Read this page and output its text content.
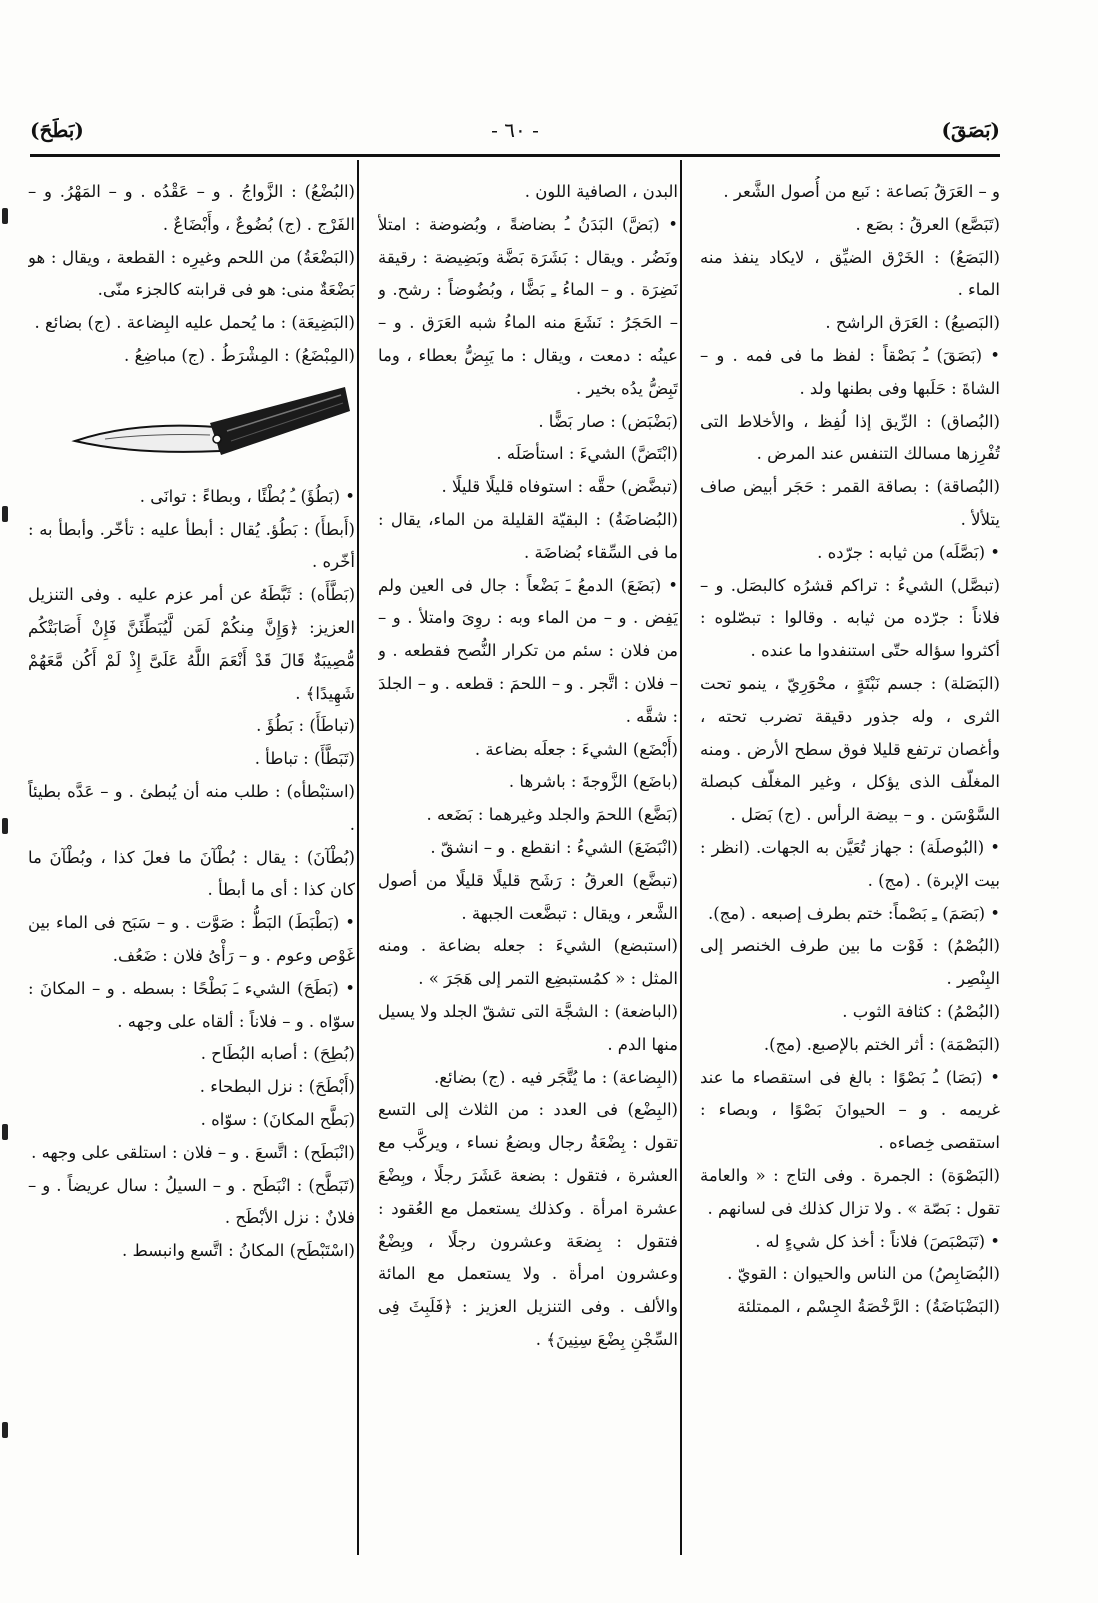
- ٦٠ -	(بَصَقَ)
(بَطَحَ)

و – العَرَقُ بَصاعة : نَبع من أُصول الشَّعر .

(تَبَصَّع) العرقُ : بصَع .

(البَصَعُ) : الخَرْق الضيِّق ، لايكاد ينفذ منه الماء .

(البَصيعُ) : العَرَق الراشح .

• (بَصَقَ) ـُ بَصْقاً : لفظ ما فى فمه . و – الشاةَ : حَلَبها وفى بطنها ولد .

(البُصاق) : الرِّيق إذا لُفِظ ، والأخلاط التى تُفْرِزها مسالك التنفس عند المرض .

(البُصاقة) : بصاقة القمر : حَجَر أبيض صاف يتلألأ .

• (بَصَّلَه) من ثيابه : جرّده .

(تبصَّل) الشيءُ : تراكم قشرُه كالبصَل. و – فلاناً : جرّده من ثيابه . وقالوا : تبصّلوه : أكثروا سؤاله حتّى استنفدوا ما عنده .

(البَصَلة) : جسم نَبْتَةٍ ، محْوَرِيّ ، ينمو تحت الثرى ، وله جذور دقيقة تضرب تحته ، وأغصان ترتفع قليلا فوق سطح الأرض . ومنه المغلّف الذى يؤكل ، وغير المغلّف كبصلة السَّوْسَن . و – بيضة الرأس . (ج) بَصَل .

• (البُوصلَة) : جهاز تُعَيَّن به الجهات. (انظر : بيت الإبرة) . (مج) .

• (بَصَمَ) ـِ بَصْماً: ختم بطرف إصبعه . (مج).

(البُصْمُ) : فَوْت ما بين طرف الخنصر إلى البِنْصِر .

(البُصْمُ) : كثافة الثوب .

(البَصْمَة) : أثر الختم بالإصبع. (مج).

• (بَصَا) ـُ بَصْوًا : بالغ فى استقصاء ما عند غريمه . و – الحيوانَ بَصْوًا ، وبصاء : استقصى خِصاءه .

(البَصْوَة) : الجمرة . وفى التاج : « والعامة تقول : بَصّة » . ولا تزال كذلك فى لسانهم .

• (تَبَصْبَصَ) فلاناً : أخذ كل شيءٍ له .

(البُصَابِصُ) من الناس والحيوان : القويّ .

(البَضْبَاضَةُ) : الرَّخْصَةُ الجِسْم ، الممتلئة

البدن ، الصافية اللون .

• (بَضَّ) البَدَنُ ـُ بضاضةً ، وبُضوضة : امتلأ ونَضُر . ويقال : بَشَرَة بَضَّة وبَضِيضة : رقيقة نَضِرَة . و – الماءُ ـِ بَضًّا ، وبُضُوضاً : رشح. و – الحَجَرُ : نَشَعَ منه الماءُ شبه العَرَق . و – عينُه : دمعت ، ويقال : ما يَبِضُّ بعطاء ، وما تَبِضُّ يدُه بخير .

(بَضْبَض) : صار بَضًّا .

(ابْتَضَّ) الشيءَ : استأصَلَه .

(تبضَّض) حقَّه : استوفاه قليلًا قليلًا .

(البُضاضَةُ) : البقيّة القليلة من الماء، يقال : ما فى السِّقاء بُضاضَة .

• (بَضَعَ) الدمعُ ـَ بَضْعاً : جال فى العين ولم يَفِض . و – من الماء وبه : روِىَ وامتلأ . و – من فلان : سئم من تكرار النُّصح فقطعه . و – فلان : اتَّجر . و – اللحمَ : قطعه . و – الجلدَ : شقَّه .

(أَبْضَع) الشيءَ : جعلَه بضاعة .

(باضَع) الزَّوجةَ : باشرها .

(بَضَّع) اللحمَ والجلد وغيرهما : بَضَعه .

(انْبَضَعَ) الشيءُ : انقطع . و – انشقّ .

(تبضَّع) العرقُ : رَشَح قليلًا قليلًا من أصول الشَّعر ، ويقال : تبضَّعت الجبهة .

(استبضع) الشيءَ : جعله بضاعة . ومنه المثل : « كمُستبضِع التمر إلى هَجَرَ » .

(الباضعة) : الشجَّة التى تشقّ الجلد ولا يسيل منها الدم .

(البِضاعة) : ما يُتَّجَر فيه . (ج) بضائع.

(البِضْع) فى العدد : من الثلاث إلى التسع تقول : بِضْعَةُ رجال وبضعُ نساء ، ويركَّب مع العشرة ، فتقول : بضعة عَشَرَ رجلًا ، وبِضْعَ عشرة امرأة . وكذلك يستعمل مع العُقود : فتقول : بِضعَة وعشرون رجلًا ، وبِضْعٌ وعشرون امرأة . ولا يستعمل مع المائة والألف . وفى التنزيل العزيز : ﴿فَلَبِثَ فِى السِّجْنِ بِضْعَ سِنِينَ﴾ .

(البُضْعُ) : الزَّواجُ . و – عَقْدُه . و – المَهْرُ. و – الفَرْج . (ج) بُضُوعٌ ، وأَبْضَاعٌ .

(البَضْعَةُ) من اللحم وغيرِه : القطعة ، ويقال : هو بَضْعَةٌ منى: هو فى قرابته كالجزء منّى.

(البَضِيعَة) : ما يُحمل عليه البِضاعة . (ج) بضائع .

(المِبْضَعُ) : المِشْرَطُ . (ج) مباضِعُ .

• (بَطُؤَ) ـُ بُطْئًا ، وبطاءً : توانَى .

(أَبطأَ) : بَطُؤ. يُقال : أبطأ عليه : تأخّر. وأبطأ به : أخّره .

(بَطَّأَه) : ثَبَّطَهُ عن أمر عزم عليه . وفى التنزيل العزيز: ﴿وَإِنَّ مِنكُمْ لَمَن لَّيُبَطِّئَنَّ فَإِنْ أَصَابَتْكُم مُّصِيبَةٌ قَالَ قَدْ أَنْعَمَ اللَّهُ عَلَىَّ إِذْ لَمْ أَكُن مَّعَهُمْ شَهِيدًا﴾ .

(تباطَأَ) : بَطُؤَ .

(تَبَطَّأَ) : تباطأ .

(استبْطأه) : طلب منه أن يُبطئ . و – عَدَّه بطيئاً .

(بُطْآنَ) : يقال : بُطْآنَ ما فعلَ كذا ، وبُطْآنَ ما كان كذا : أى ما أبطأ .

• (بَطْبَطَ) البَطُّ : صَوَّت . و – سَبَح فى الماء بين غَوْص وعوم . و – رَأْىُ فلان : ضَعُف.

• (بَطَحَ) الشيء ـَ بَطْحًا : بسطه . و – المكانَ : سوّاه . و – فلاناً : ألقاه على وجهه .

(بُطِحَ) : أصابه البُطَاح .

(أَبْطَحَ) : نزل البطحاء .

(بَطَّح المكانَ) : سوّاه .

(انْبَطَح) : اتَّسعَ . و – فلان : استلقى على وجهه .

(تَبَطَّح) : انْبَطَح . و – السيلُ : سال عريضاً . و – فلانٌ : نزل الأبْطَح .

(اسْتَبْطَح) المكانُ : اتَّسع وانبسط .
